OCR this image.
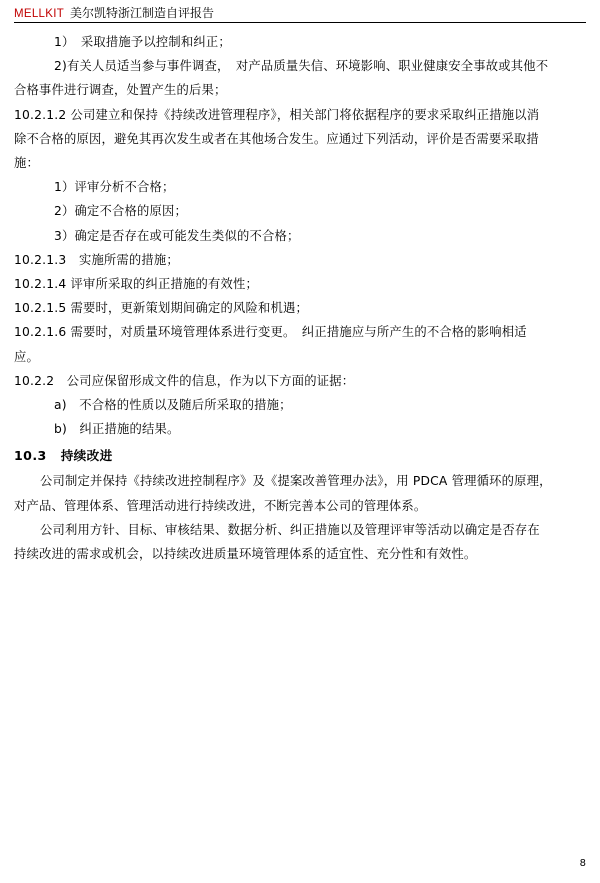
MELLKIT 美尔凯特浙江制造自评报告

1）　采取措施予以控制和纠正；

2)有关人员适当参与事件调查，　对产品质量失信、环境影响、职业健康安全事故或其他不

合格事件进行调查，处置产生的后果；

10.2.1.2 公司建立和保持《持续改进管理程序》，相关部门将依据程序的要求采取纠正措施以消

除不合格的原因，避免其再次发生或者在其他场合发生。应通过下列活动，评价是否需要采取措

施：

1）评审分析不合格；

2）确定不合格的原因；

3）确定是否存在或可能发生类似的不合格；

10.2.1.3　实施所需的措施；

10.2.1.4 评审所采取的纠正措施的有效性；

10.2.1.5 需要时，更新策划期间确定的风险和机遇；

10.2.1.6 需要时，对质量环境管理体系进行变更。　纠正措施应与所产生的不合格的影响相适

应。

10.2.2　公司应保留形成文件的信息，作为以下方面的证据：

a)　不合格的性质以及随后所采取的措施；

b)　纠正措施的结果。

10.3 持续改进

公司制定并保持《持续改进控制程序》及《提案改善管理办法》，用 PDCA 管理循环的原理，

对产品、管理体系、管理活动进行持续改进，不断完善本公司的管理体系。

公司利用方针、目标、审核结果、数据分析、纠正措施以及管理评审等活动以确定是否存在

持续改进的需求或机会，以持续改进质量环境管理体系的适宜性、充分性和有效性。

8
